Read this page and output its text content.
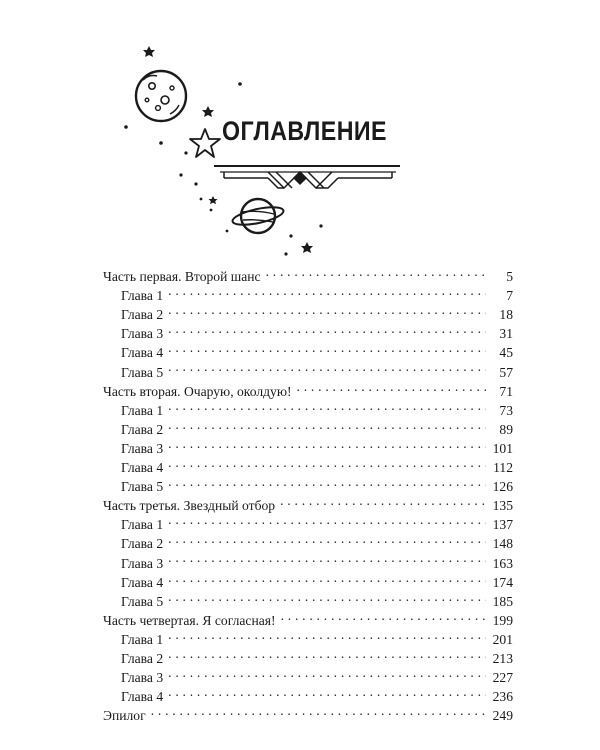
ОГЛАВЛЕНИЕ
Часть первая. Второй шанс . . .	5
Глава 1 . . .	7
Глава 2 . . .	18
Глава 3 . . .	31
Глава 4 . . .	45
Глава 5 . . .	57
Часть вторая. Очарую, околдую! . . .	71
Глава 1 . . .	73
Глава 2 . . .	89
Глава 3 . . .	101
Глава 4 . . .	112
Глава 5 . . .	126
Часть третья. Звездный отбор . . .	135
Глава 1 . . .	137
Глава 2 . . .	148
Глава 3 . . .	163
Глава 4 . . .	174
Глава 5 . . .	185
Часть четвертая. Я согласная! . . .	199
Глава 1 . . .	201
Глава 2 . . .	213
Глава 3 . . .	227
Глава 4 . . .	236
Эпилог . . .	249
